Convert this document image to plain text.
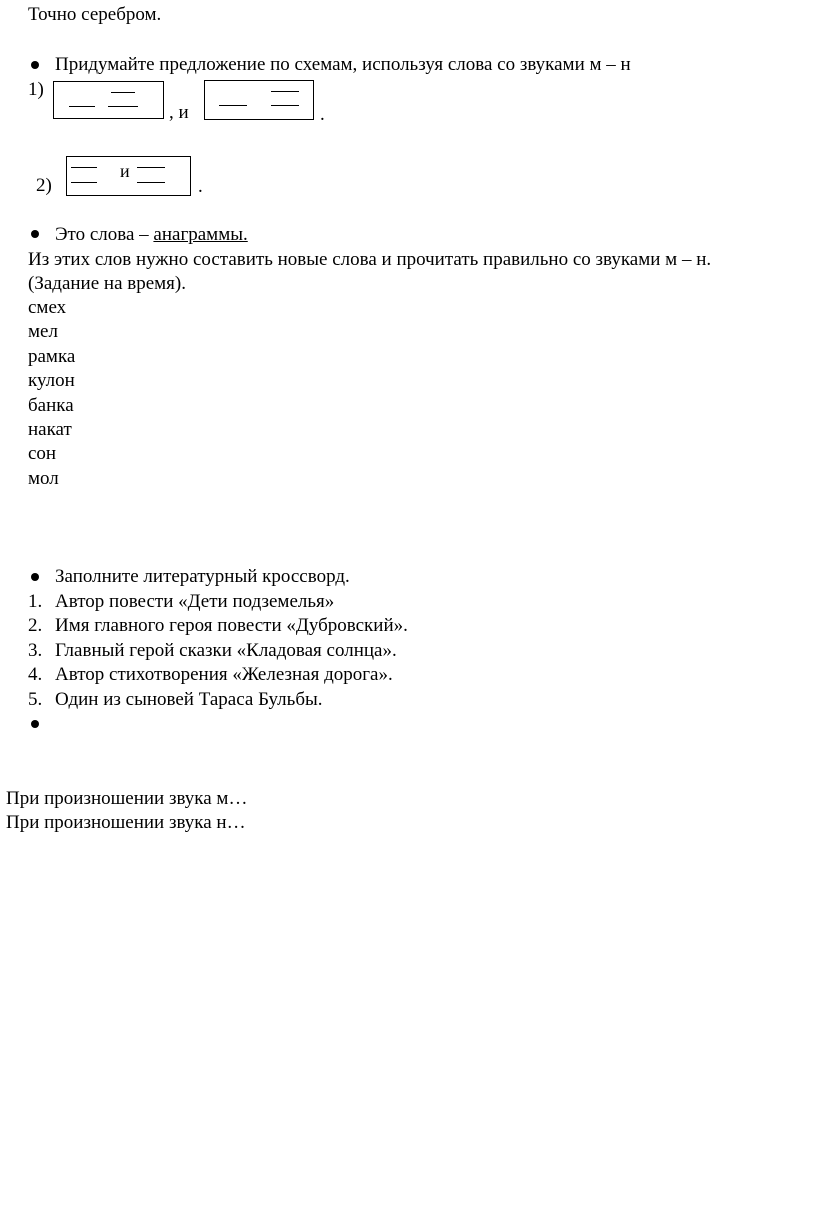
Точно серебром.
Придумайте предложение по схемам, используя слова со звуками м – н
1)
, и	.
2)
и
.
Это слова – анаграммы.
Из этих слов нужно составить новые слова и прочитать правильно со звуками м – н.
(Задание на время).
смех
мел
рамка
кулон
банка
накат
сон
мол
Заполните литературный кроссворд.
1. Автор повести «Дети подземелья»
2. Имя главного героя повести «Дубровский».
3. Главный герой сказки «Кладовая солнца».
4. Автор стихотворения «Железная дорога».
5. Один из сыновей Тараса Бульбы.
При произношении звука м…
При произношении звука н…
